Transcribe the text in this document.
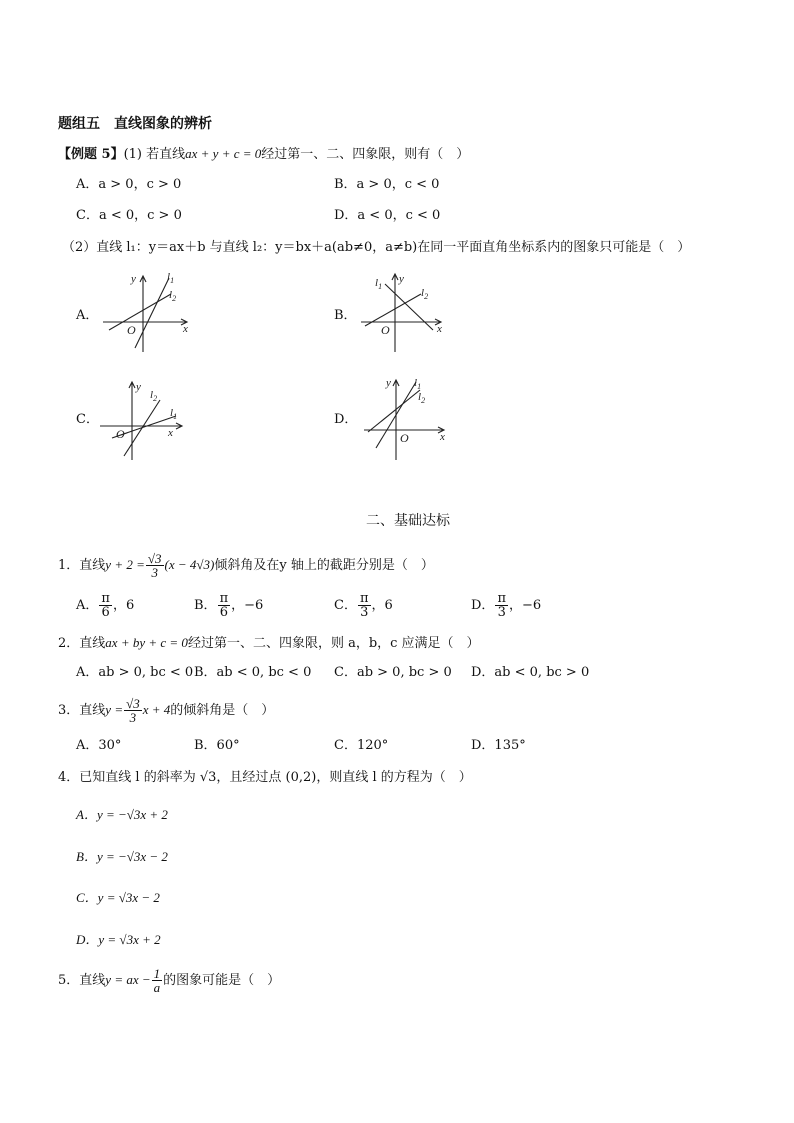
题组五　直线图象的辨析
【例题 5】(1) 若直线ax + y + c = 0经过第一、二、四象限，则有（　）
A．a > 0，c > 0	B．a > 0，c < 0
C．a < 0，c > 0	D．a < 0，c < 0
（2）直线 l₁：y＝ax＋b 与直线 l₂：y＝bx＋a(ab≠0，a≠b)在同一平面直角坐标系内的图象只可能是（　）
A．	B．
C．	D．
x
y
O
$l_1$
$l_2$
x
y
O
$l_1$
$l_2$
x
y
O
$l_1$
$l_2$
x
y
O
$l_1$
$l_2$
二、基础达标
1．直线$y + 2 = \frac{√3}{3} (x - 4√3)$倾斜角及在y 轴上的截距分别是（　）
A． $\frac{\pi}{6}$ ，6	B． $\frac{\pi}{6}$ ，−6	C． $\frac{\pi}{3}$ ，6	D． $\frac{\pi}{3}$ ，−6
2．直线ax + by + c = 0经过第一、二、四象限，则 a，b，c 应满足（　）
A．ab > 0, bc < 0 B．ab < 0, bc < 0 C．ab > 0, bc > 0 D．ab < 0, bc > 0
3．直线$y = \frac{√3}{3}$ x + 4的倾斜角是（　）
A．30°	B．60°	C．120°	D．135°
4．已知直线 l 的斜率为 √3，且经过点 (0,2)，则直线 l 的方程为（　）
A．y = −√3x + 2
B．y = −√3x − 2
C．y = √3x − 2
D．y = √3x + 2
5．直线y = ax − $\frac{1}{a}$ 的图象可能是（　）
